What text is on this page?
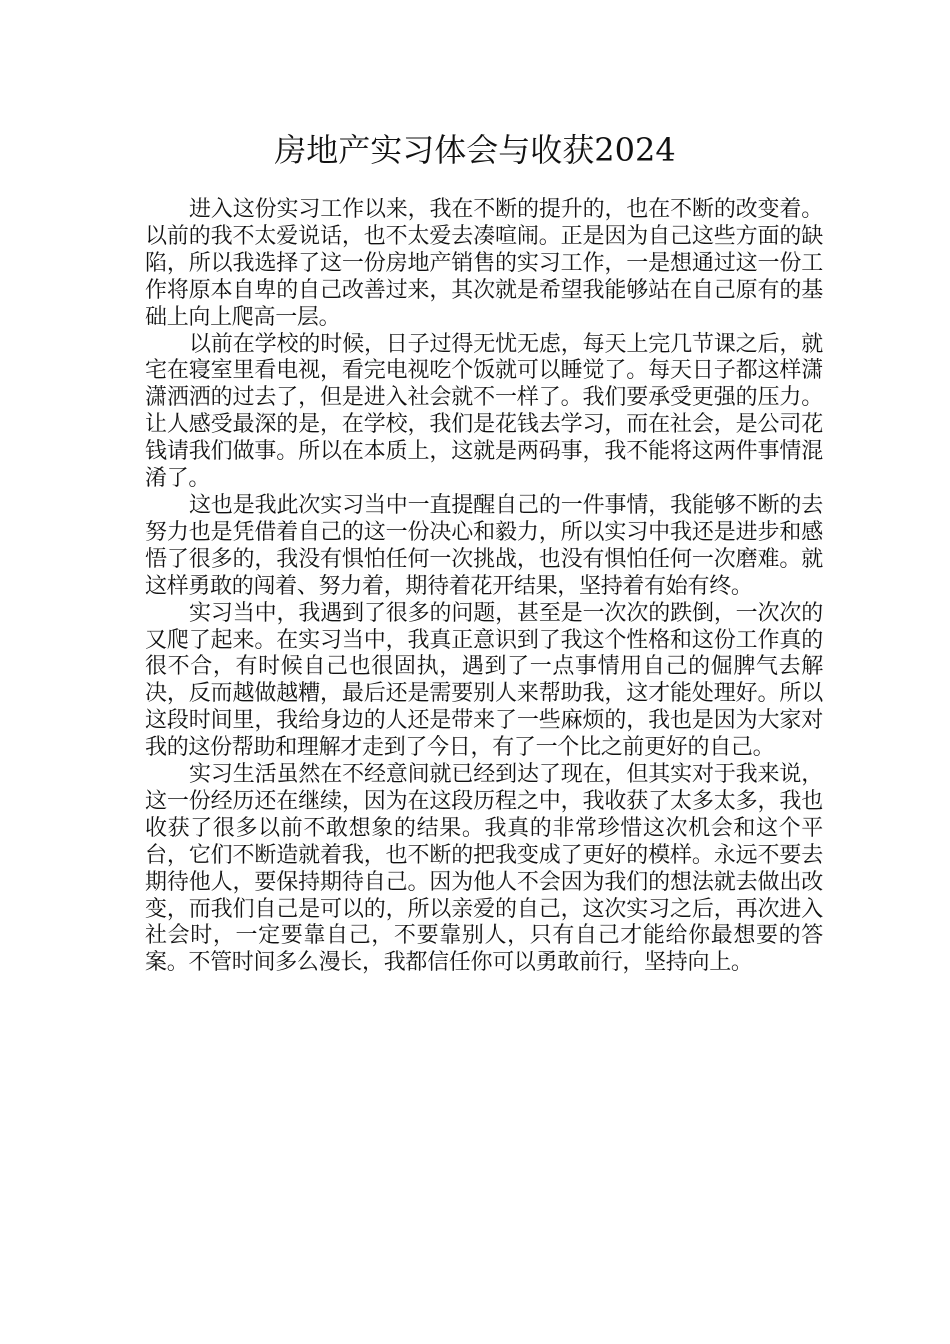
房地产实习体会与收获2024

进入这份实习工作以来，我在不断的提升的，也在不断的改变着。以前的我不太爱说话，也不太爱去凑喧闹。正是因为自己这些方面的缺陷，所以我选择了这一份房地产销售的实习工作，一是想通过这一份工作将原本自卑的自己改善过来，其次就是希望我能够站在自己原有的基础上向上爬高一层。

以前在学校的时候，日子过得无忧无虑，每天上完几节课之后，就宅在寝室里看电视，看完电视吃个饭就可以睡觉了。每天日子都这样潇潇洒洒的过去了，但是进入社会就不一样了。我们要承受更强的压力。让人感受最深的是，在学校，我们是花钱去学习，而在社会，是公司花钱请我们做事。所以在本质上，这就是两码事，我不能将这两件事情混淆了。

这也是我此次实习当中一直提醒自己的一件事情，我能够不断的去努力也是凭借着自己的这一份决心和毅力，所以实习中我还是进步和感悟了很多的，我没有惧怕任何一次挑战，也没有惧怕任何一次磨难。就这样勇敢的闯着、努力着，期待着花开结果，坚持着有始有终。

实习当中，我遇到了很多的问题，甚至是一次次的跌倒，一次次的又爬了起来。在实习当中，我真正意识到了我这个性格和这份工作真的很不合，有时候自己也很固执，遇到了一点事情用自己的倔脾气去解决，反而越做越糟，最后还是需要别人来帮助我，这才能处理好。所以这段时间里，我给身边的人还是带来了一些麻烦的，我也是因为大家对我的这份帮助和理解才走到了今日，有了一个比之前更好的自己。

实习生活虽然在不经意间就已经到达了现在，但其实对于我来说，这一份经历还在继续，因为在这段历程之中，我收获了太多太多，我也收获了很多以前不敢想象的结果。我真的非常珍惜这次机会和这个平台，它们不断造就着我，也不断的把我变成了更好的模样。永远不要去期待他人，要保持期待自己。因为他人不会因为我们的想法就去做出改变，而我们自己是可以的，所以亲爱的自己，这次实习之后，再次进入社会时，一定要靠自己，不要靠别人，只有自己才能给你最想要的答案。不管时间多么漫长，我都信任你可以勇敢前行，坚持向上。
